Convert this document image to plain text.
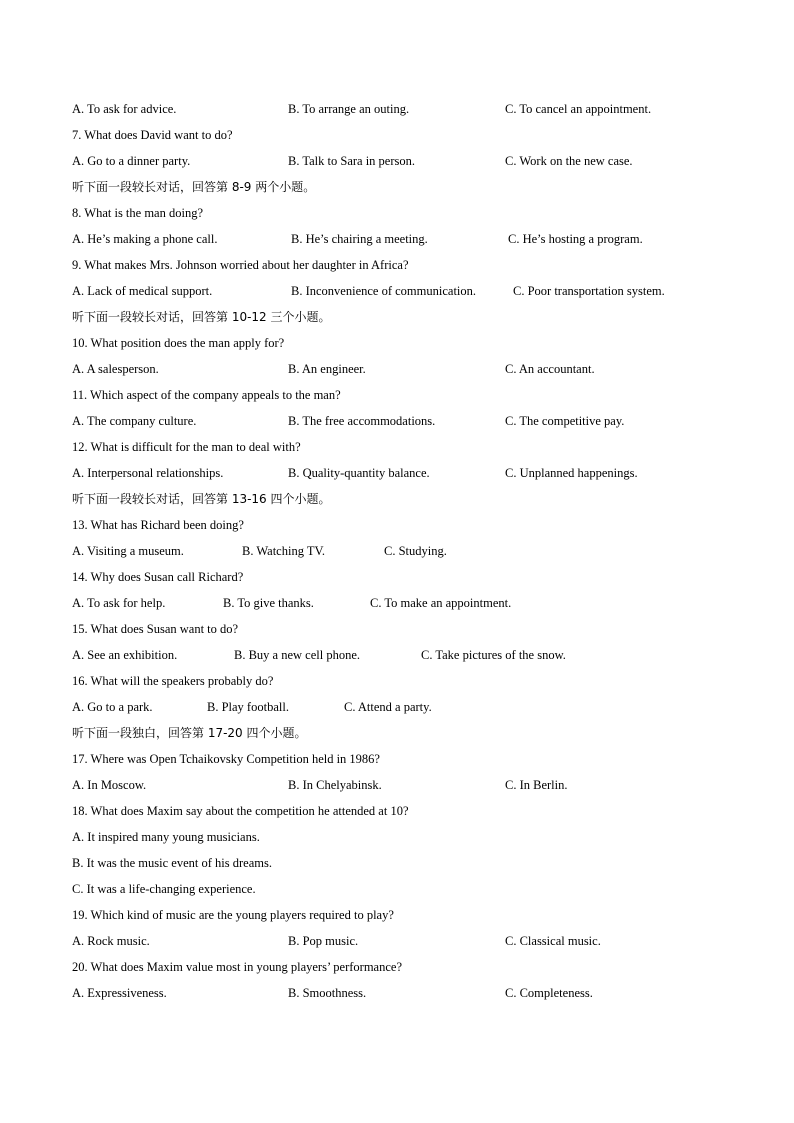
A. To ask for advice.	B. To arrange an outing.	C. To cancel an appointment.
7. What does David want to do?
A. Go to a dinner party.	B. Talk to Sara in person.	C. Work on the new case.
听下面一段较长对话，回答第 8-9 两个小题。
8. What is the man doing?
A. He’s making a phone call.	B. He’s chairing a meeting.	C. He’s hosting a program.
9. What makes Mrs. Johnson worried about her daughter in Africa?
A. Lack of medical support.	B. Inconvenience of communication.	C. Poor transportation system.
听下面一段较长对话，回答第 10-12 三个小题。
10. What position does the man apply for?
A. A salesperson.	B. An engineer.	C. An accountant.
11. Which aspect of the company appeals to the man?
A. The company culture.	B. The free accommodations.	C. The competitive pay.
12. What is difficult for the man to deal with?
A. Interpersonal relationships.	B. Quality-quantity balance.	C. Unplanned happenings.
听下面一段较长对话，回答第 13-16 四个小题。
13. What has Richard been doing?
A. Visiting a museum.	B. Watching TV.	C. Studying.
14. Why does Susan call Richard?
A. To ask for help.	B. To give thanks.	C. To make an appointment.
15. What does Susan want to do?
A. See an exhibition.	B. Buy a new cell phone.	C. Take pictures of the snow.
16. What will the speakers probably do?
A. Go to a park.	B. Play football.	C. Attend a party.
听下面一段独白，回答第 17-20 四个小题。
17. Where was Open Tchaikovsky Competition held in 1986?
A. In Moscow.	B. In Chelyabinsk.	C. In Berlin.
18. What does Maxim say about the competition he attended at 10?
A. It inspired many young musicians.
B. It was the music event of his dreams.
C. It was a life-changing experience.
19. Which kind of music are the young players required to play?
A. Rock music.	B. Pop music.	C. Classical music.
20. What does Maxim value most in young players’ performance?
A. Expressiveness.	B. Smoothness.	C. Completeness.
